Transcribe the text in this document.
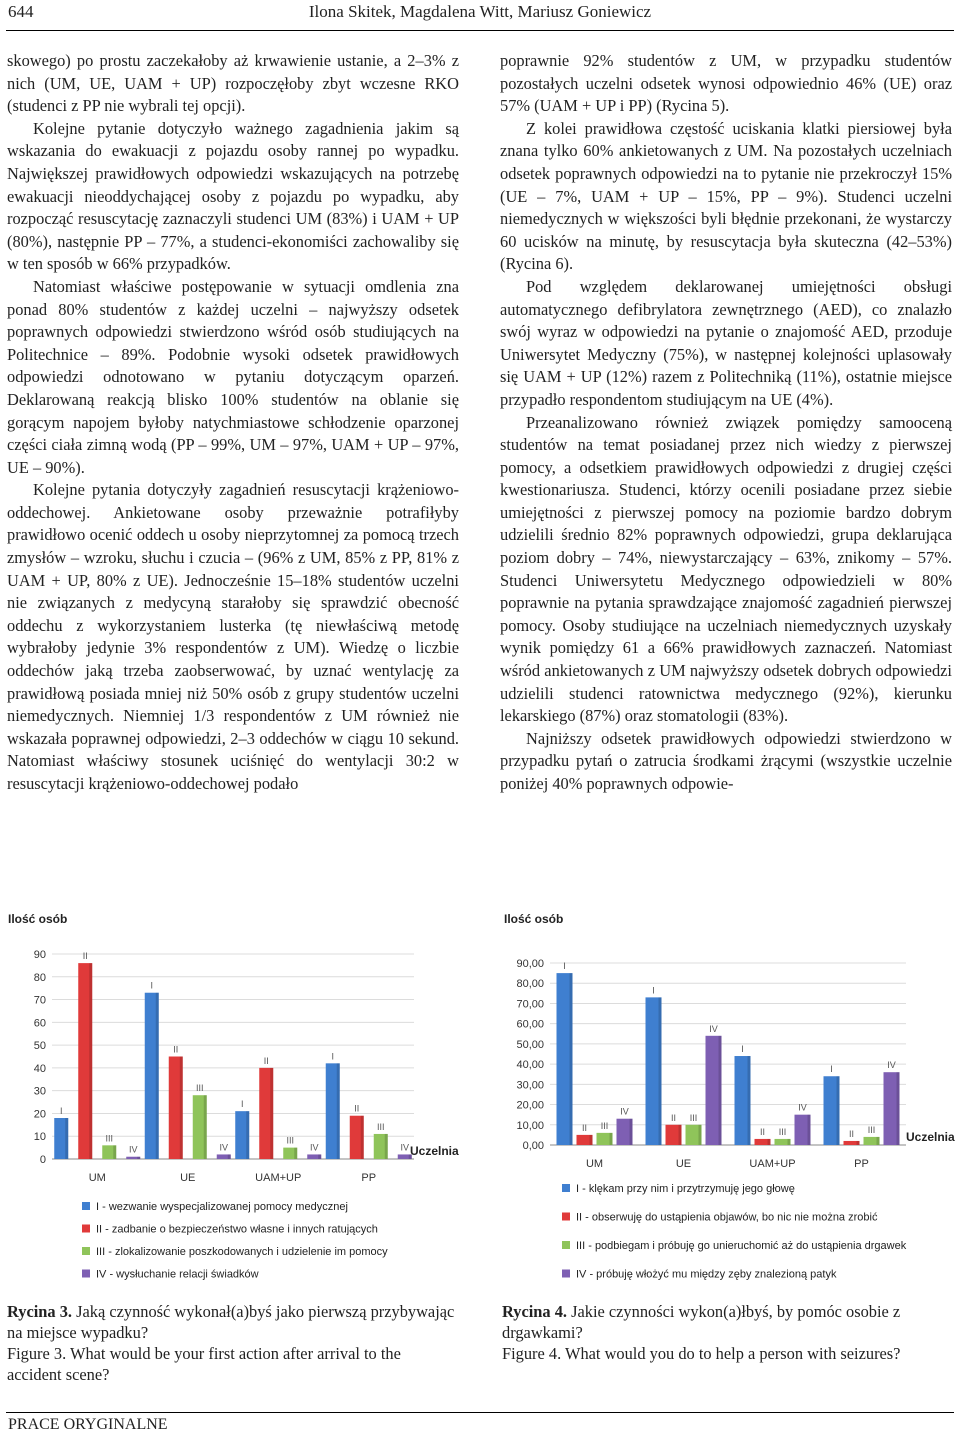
644	Ilona Skitek, Magdalena Witt, Mariusz Goniewicz

skowego) po prostu zaczekałoby aż krwawienie ustanie, a 2–3% z nich (UM, UE, UAM + UP) rozpoczęłoby zbyt wczesne RKO (studenci z PP nie wybrali tej opcji).

Kolejne pytanie dotyczyło ważnego zagadnienia jakim są wskazania do ewakuacji z pojazdu osoby rannej po wypadku. Największej prawidłowych odpowiedzi wskazujących na potrzebę ewakuacji nieoddychającej osoby z pojazdu po wypadku, aby rozpocząć resuscytację zaznaczyli studenci UM (83%) i UAM + UP (80%), następnie PP – 77%, a studenci-ekonomiści zachowaliby się w ten sposób w 66% przypadków.

Natomiast właściwe postępowanie w sytuacji omdlenia zna ponad 80% studentów z każdej uczelni – najwyższy odsetek poprawnych odpowiedzi stwierdzono wśród osób studiujących na Politechnice – 89%. Podobnie wysoki odsetek prawidłowych odpowiedzi odnotowano w pytaniu dotyczącym oparzeń. Deklarowaną reakcją blisko 100% studentów na oblanie się gorącym napojem byłoby natychmiastowe schłodzenie oparzonej części ciała zimną wodą (PP – 99%, UM – 97%, UAM + UP – 97%, UE – 90%).

Kolejne pytania dotyczyły zagadnień resuscytacji krążeniowo-oddechowej. Ankietowane osoby przeważnie potrafiłyby prawidłowo ocenić oddech u osoby nieprzytomnej za pomocą trzech zmysłów – wzroku, słuchu i czucia – (96% z UM, 85% z PP, 81% z UAM + UP, 80% z UE). Jednocześnie 15–18% studentów uczelni nie związanych z medycyną starałoby się sprawdzić obecność oddechu z wykorzystaniem lusterka (tę niewłaściwą metodę wybrałoby jedynie 3% respondentów z UM). Wiedzę o liczbie oddechów jaką trzeba zaobserwować, by uznać wentylację za prawidłową posiada mniej niż 50% osób z grupy studentów uczelni niemedycznych. Niemniej 1/3 respondentów z UM również nie wskazała poprawnej odpowiedzi, 2–3 oddechów w ciągu 10 sekund. Natomiast właściwy stosunek uciśnięć do wentylacji 30:2 w resuscytacji krążeniowo-oddechowej podało

poprawnie 92% studentów z UM, w przypadku studentów pozostałych uczelni odsetek wynosi odpowiednio 46% (UE) oraz 57% (UAM + UP i PP) (Rycina 5).

Z kolei prawidłowa częstość uciskania klatki piersiowej była znana tylko 60% ankietowanych z UM. Na pozostałych uczelniach odsetek poprawnych odpowiedzi na to pytanie nie przekroczył 15% (UE – 7%, UAM + UP – 15%, PP – 9%). Studenci uczelni niemedycznych w większości byli błędnie przekonani, że wystarczy 60 ucisków na minutę, by resuscytacja była skuteczna (42–53%) (Rycina 6).

Pod względem deklarowanej umiejętności obsługi automatycznego defibrylatora zewnętrznego (AED), co znalazło swój wyraz w odpowiedzi na pytanie o znajomość AED, przoduje Uniwersytet Medyczny (75%), w następnej kolejności uplasowały się UAM + UP (12%) razem z Politechniką (11%), ostatnie miejsce przypadło respondentom studiującym na UE (4%).

Przeanalizowano również związek pomiędzy samooceną studentów na temat posiadanej przez nich wiedzy z pierwszej pomocy, a odsetkiem prawidłowych odpowiedzi z drugiej części kwestionariusza. Studenci, którzy ocenili posiadane przez siebie umiejętności z pierwszej pomocy na poziomie bardzo dobrym udzielili średnio 82% poprawnych odpowiedzi, grupa deklarująca poziom dobry – 74%, niewystarczający – 63%, znikomy – 57%. Studenci Uniwersytetu Medycznego odpowiedzieli w 80% poprawnie na pytania sprawdzające znajomość zagadnień pierwszej pomocy. Osoby studiujące na uczelniach niemedycznych uzyskały wynik pomiędzy 61 a 66% prawidłowych zaznaczeń. Natomiast wśród ankietowanych z UM najwyższy odsetek dobrych odpowiedzi udzielili studenci ratownictwa medycznego (92%), kierunku lekarskiego (87%) oraz stomatologii (83%).

Najniższy odsetek prawidłowych odpowiedzi stwierdzono w przypadku pytań o zatrucia środkami żrącymi (wszystkie uczelnie poniżej 40% poprawnych odpowie-

Ilość osób
0
10
20
30
40
50
60
70
80
90
I
II
III
IV
UM
I
II
III
IV
UE
I
II
III
IV
UAM+UP
I
II
III
IV
PP
Uczelnia
I - wezwanie wyspecjalizowanej pomocy medycznej
II - zadbanie o bezpieczeństwo własne i innych ratujących
III - zlokalizowanie poszkodowanych i udzielenie im pomocy
IV - wysłuchanie relacji świadków
Ilość osób
0,00
10,00
20,00
30,00
40,00
50,00
60,00
70,00
80,00
90,00 I
II III
IV
UM
I
II III
IV
UE
I
II III
IV
UAM+UP
I
II III
IV
PP
Uczelnia
I - klękam przy nim i przytrzymuję jego głowę
II - obserwuję do ustąpienia objawów, bo nic nie można zrobić
III - podbiegam i próbuję go unieruchomić aż do ustąpienia drgawek
IV - próbuję włożyć mu między zęby znalezioną patyk
Rycina 3. Jaką czynność wykonał(a)byś jako pierwszą przybywając na miejsce wypadku?
Figure 3. What would be your first action after arrival to the accident scene?
Rycina 4. Jakie czynności wykon(a)łbyś, by pomóc osobie z drgawkami?
Figure 4. What would you do to help a person with seizures?
PRACE ORYGINALNE
